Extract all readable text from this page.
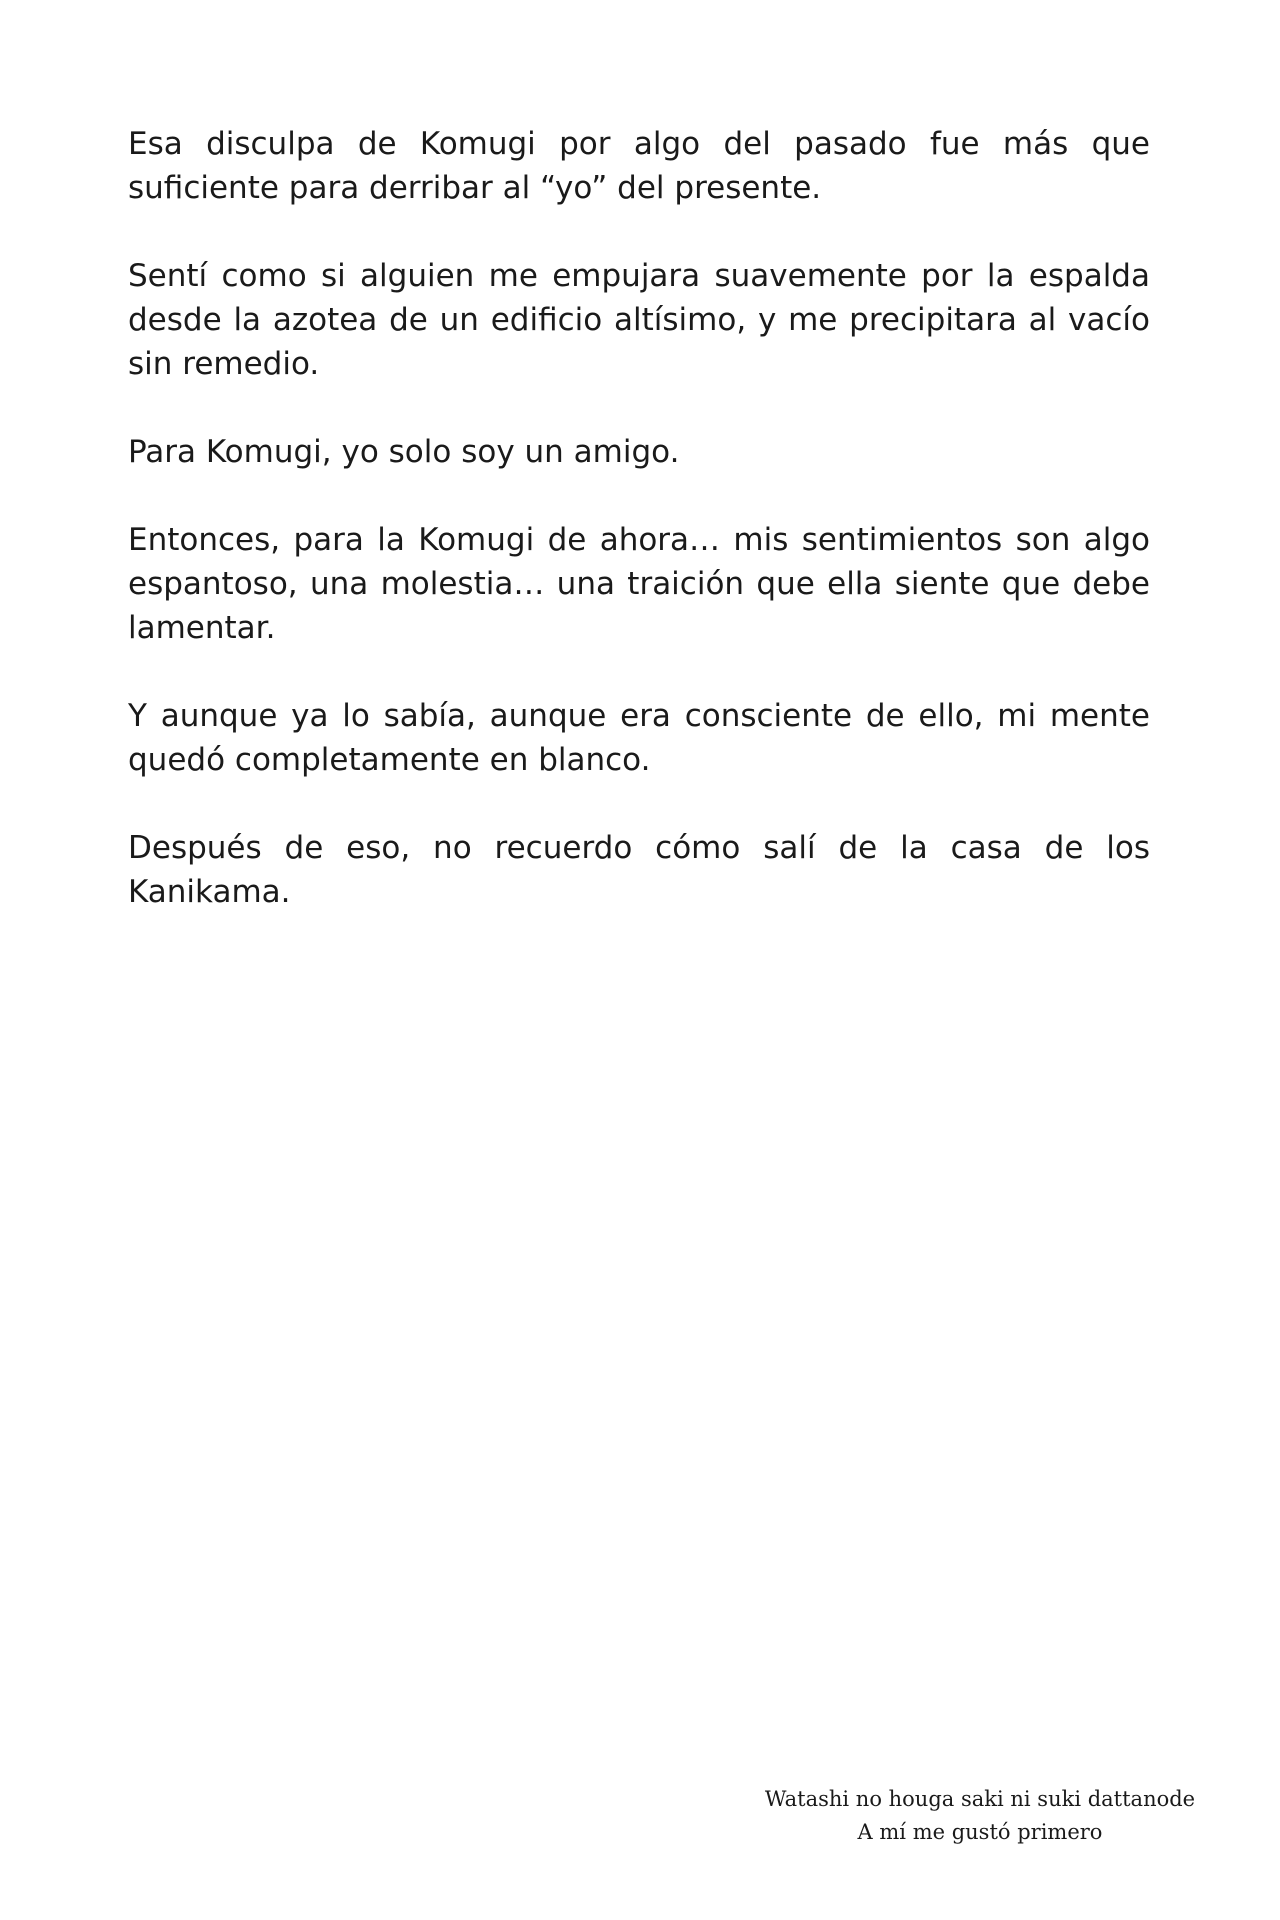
Esa disculpa de Komugi por algo del pasado fue más que suficiente para derribar al “yo” del presente.

Sentí como si alguien me empujara suavemente por la espalda desde la azotea de un edificio altísimo, y me precipitara al vacío sin remedio.

Para Komugi, yo solo soy un amigo.

Entonces, para la Komugi de ahora… mis sentimientos son algo espantoso, una molestia… una traición que ella siente que debe lamentar.

Y aunque ya lo sabía, aunque era consciente de ello, mi mente quedó completamente en blanco.

Después de eso, no recuerdo cómo salí de la casa de los Kanikama.

Watashi no houga saki ni suki dattanode
A mí me gustó primero
